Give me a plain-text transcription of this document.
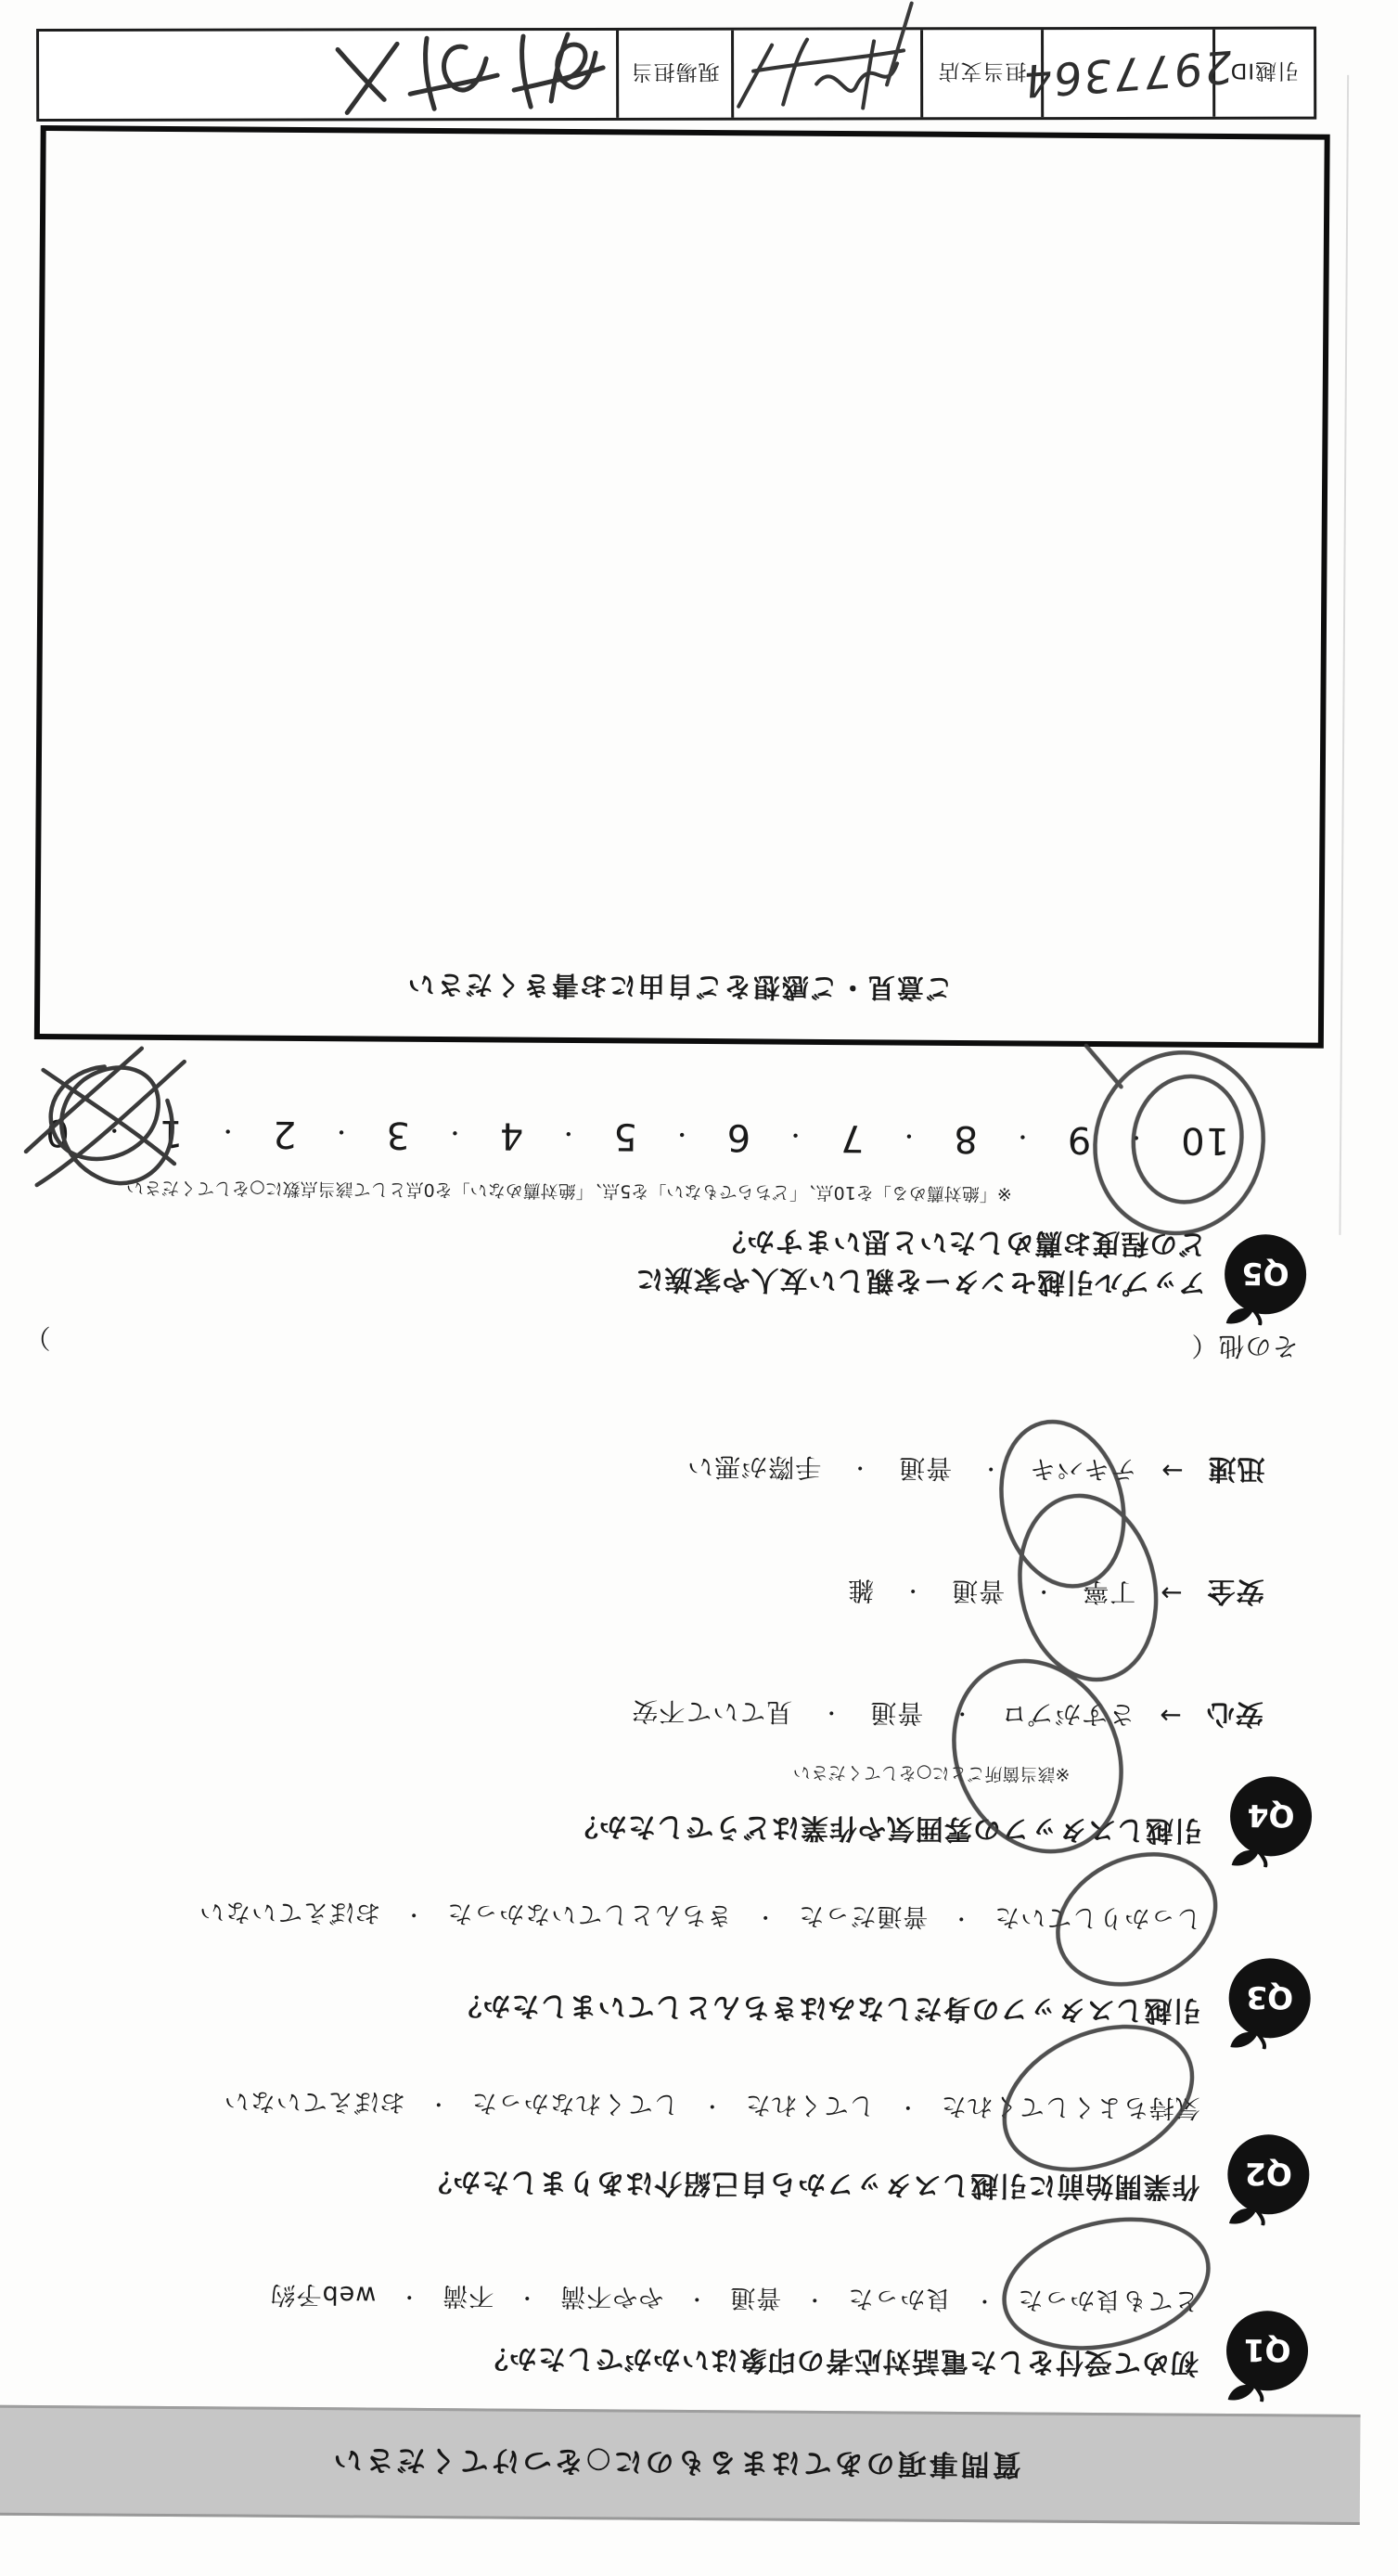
質問事項のあてはまるものに○をつけてください
Q1
初めて受付をした電話対応者の印象はいかがでしたか？
とても良かった
・
良かった
・
普通
・
やや不満
・
不満
・
web予約
Q2
作業開始前に引越しスタッフから自己紹介はありましたか？
気持ちよくしてくれた
・
してくれた
・
してくれなかった
・
おぼえていない
Q3
引越しスタッフの身だしなみはきちんとしていましたか？
しっかりしていた
・
普通だった
・
きちんとしていなかった
・
おぼえていない
Q4
引越しスタッフの雰囲気や作業はどうでしたか？
※該当箇所ごとに○をしてください
安心
→
さすがプロ
・
普通
・
見ていて不安
安全
→
丁寧
・
普通
・
雑
迅速
→
テキパキ
・
普通
・
手際が悪い
その他（
）
Q5
アップル引越センターを親しい友人や家族に
どの程度お薦めしたいと思いますか？
※「絶対薦める」を10点、「どちらでもない」を5点、「絶対薦めない」を0点として該当点数に○をしてください
10
・
9
・
8
・
7
・
6
・
5
・
4
・
3
・
2
・
1
・
0
ご意見・ご感想をご自由にお書きください
引越ID
2977364
担当支店
現場担当
